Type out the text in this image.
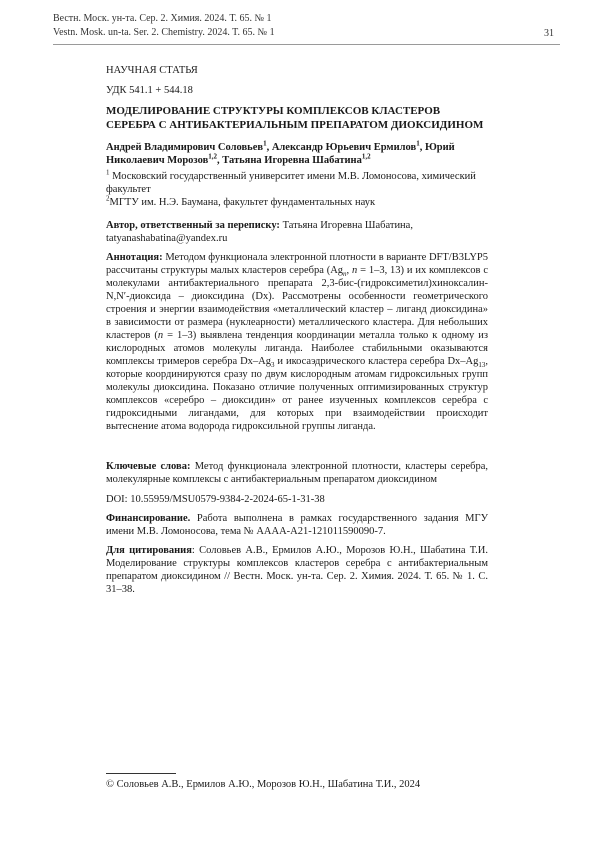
Вестн. Моск. ун-та. Сер. 2. Химия. 2024. Т. 65. № 1
Vestn. Mosk. un-ta. Ser. 2. Chemistry. 2024. T. 65. № 1	31
НАУЧНАЯ СТАТЬЯ
УДК 541.1 + 544.18
МОДЕЛИРОВАНИЕ СТРУКТУРЫ КОМПЛЕКСОВ КЛАСТЕРОВ
СЕРЕБРА С АНТИБАКТЕРИАЛЬНЫМ ПРЕПАРАТОМ ДИОКСИДИНОМ
Андрей Владимирович Соловьев$^1$, Александр Юрьевич Ермилов$^1$, Юрий Николаевич Морозов$^{1,2}$, Татьяна Игоревна Шабатина$^{1,2}$
$^1$ Московский государственный университет имени М.В. Ломоносова, химический факультет
$^2$МГТУ им. Н.Э. Баумана, факультет фундаментальных наук
Автор, ответственный за переписку: Татьяна Игоревна Шабатина,
tatyanashabatina@yandex.ru
Аннотация: Методом функционала электронной плотности в варианте DFT/B3LYP5 рассчитаны структуры малых кластеров серебра ($Ag_n$, n = 1–3, 13) и их комплексов с молекулами антибактериального препарата 2,3-бис-(гидроксиметил)хиноксалин-N,N′-диоксида – диоксидина (Dx). Рассмотрены особенности геометрического строения и энергии взаимодействия «металлический кластер – лиганд диоксидина» в зависимости от размера (нуклеарности) металлического кластера. Для небольших кластеров (n = 1–3) выявлена тенденция координации металла только к одному из кислородных атомов молекулы лиганда. Наиболее стабильными оказываются комплексы тримеров серебра $Dx-Ag_3$ и икосаэдрического кластера серебра $Dx-Ag_{13}$, которые координируются сразу по двум кислородным атомам гидроксильных групп молекулы диоксидина. Показано отличие полученных оптимизированных структур комплексов «серебро – диоксидин» от ранее изученных комплексов серебра с гидроксидными лигандами, для которых при взаимодействии происходит вытеснение атома водорода гидроксильной группы лиганда.
Ключевые слова: Метод функционала электронной плотности, кластеры серебра, молекулярные комплексы с антибактериальным препаратом диоксидином
DOI: 10.55959/MSU0579-9384-2-2024-65-1-31-38
Финансирование. Работа выполнена в рамках государственного задания МГУ имени М.В. Ломоносова, тема № АААА-А21-121011590090-7.
Для цитирования: Соловьев А.В., Ермилов А.Ю., Морозов Ю.Н., Шабатина Т.И. Моделирование структуры комплексов кластеров серебра с антибактериальным препаратом диоксидином // Вестн. Моск. ун-та. Сер. 2. Химия. 2024. Т. 65. № 1. С. 31–38.
© Соловьев А.В., Ермилов А.Ю., Морозов Ю.Н., Шабатина Т.И., 2024
